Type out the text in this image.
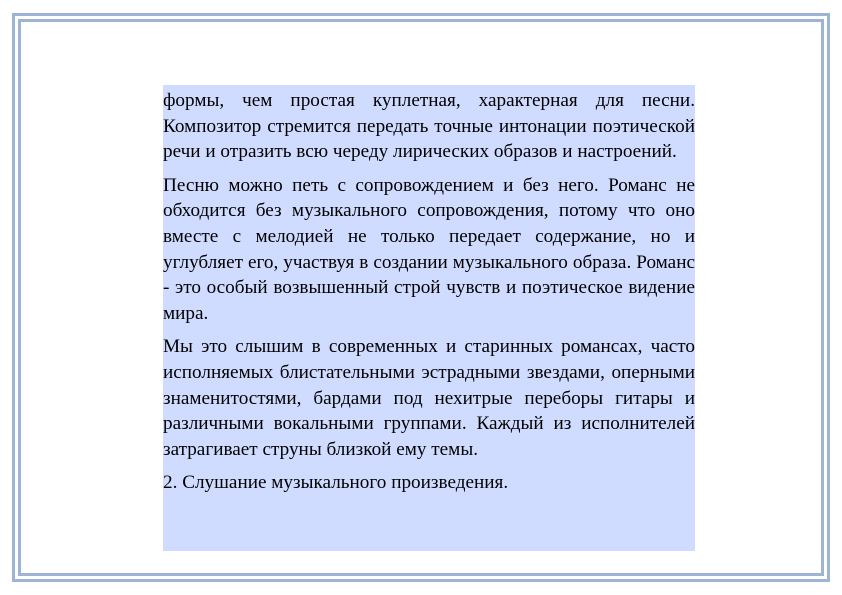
формы, чем простая куплетная, характерная для песни. Композитор стремится передать точные интонации поэтической речи и отразить всю череду лирических образов и настроений.

Песню можно петь с сопровождением и без него. Романс не обходится без музыкального сопровождения, потому что оно вместе с мелодией не только передает содержание, но и углубляет его, участвуя в создании музыкального образа. Романс - это особый возвышенный строй чувств и поэтическое видение мира.

Мы это слышим в современных и старинных романсах, часто исполняемых блистательными эстрадными звездами, оперными знаменитостями, бардами под нехитрые переборы гитары и различными вокальными группами. Каждый из исполнителей затрагивает струны близкой ему темы.

2. Слушание музыкального произведения.
